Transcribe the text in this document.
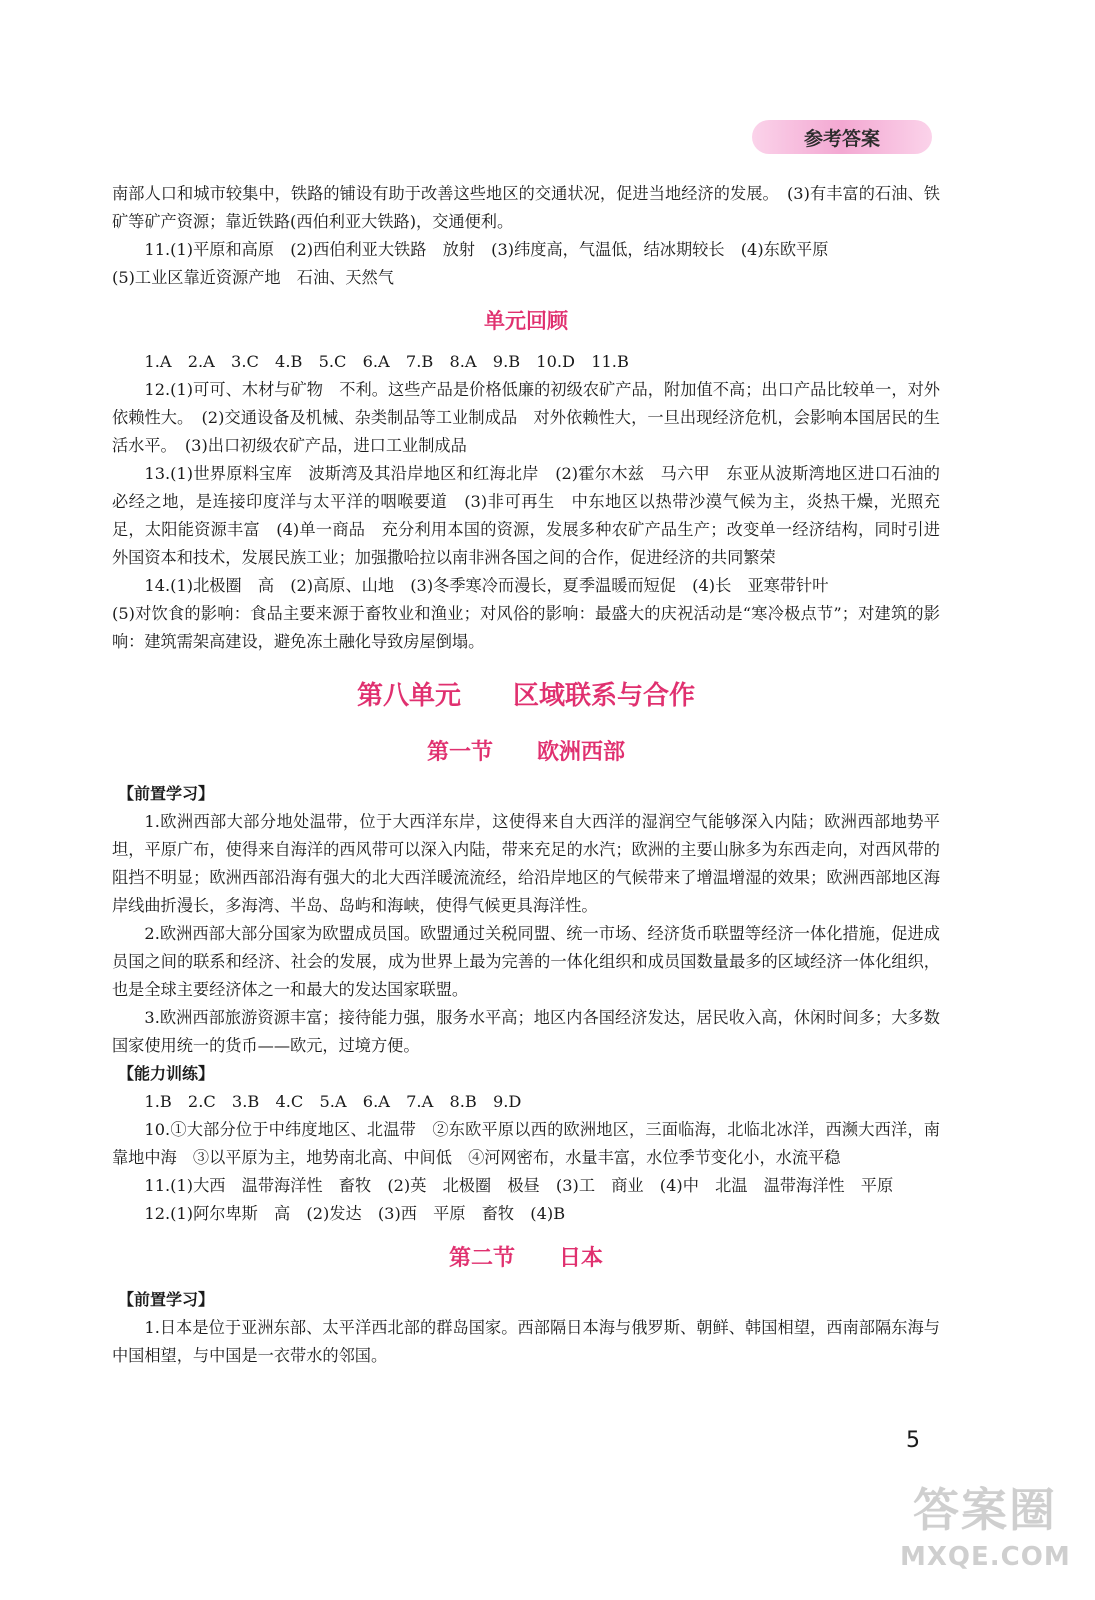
参考答案

南部人口和城市较集中，铁路的铺设有助于改善这些地区的交通状况，促进当地经济的发展。　(3)有丰富的石油、铁矿等矿产资源；靠近铁路(西伯利亚大铁路)，交通便利。

11.(1)平原和高原　(2)西伯利亚大铁路　放射　(3)纬度高，气温低，结冰期较长　(4)东欧平原

(5)工业区靠近资源产地　石油、天然气

单元回顾

1.A　2.A　3.C　4.B　5.C　6.A　7.B　8.A　9.B　10.D　11.B

12.(1)可可、木材与矿物　不利。这些产品是价格低廉的初级农矿产品，附加值不高；出口产品比较单一，对外依赖性大。　(2)交通设备及机械、杂类制品等工业制成品　对外依赖性大，一旦出现经济危机，会影响本国居民的生活水平。　(3)出口初级农矿产品，进口工业制成品

13.(1)世界原料宝库　波斯湾及其沿岸地区和红海北岸　(2)霍尔木兹　马六甲　东亚从波斯湾地区进口石油的必经之地，是连接印度洋与太平洋的咽喉要道　(3)非可再生　中东地区以热带沙漠气候为主，炎热干燥，光照充足，太阳能资源丰富　(4)单一商品　充分利用本国的资源，发展多种农矿产品生产；改变单一经济结构，同时引进外国资本和技术，发展民族工业；加强撒哈拉以南非洲各国之间的合作，促进经济的共同繁荣

14.(1)北极圈　高　(2)高原、山地　(3)冬季寒冷而漫长，夏季温暖而短促　(4)长　亚寒带针叶

(5)对饮食的影响：食品主要来源于畜牧业和渔业；对风俗的影响：最盛大的庆祝活动是“寒冷极点节”；对建筑的影响：建筑需架高建设，避免冻土融化导致房屋倒塌。

第八单元　　区域联系与合作
第一节　　欧洲西部

【前置学习】

1.欧洲西部大部分地处温带，位于大西洋东岸，这使得来自大西洋的湿润空气能够深入内陆；欧洲西部地势平坦，平原广布，使得来自海洋的西风带可以深入内陆，带来充足的水汽；欧洲的主要山脉多为东西走向，对西风带的阻挡不明显；欧洲西部沿海有强大的北大西洋暖流流经，给沿岸地区的气候带来了增温增湿的效果；欧洲西部地区海岸线曲折漫长，多海湾、半岛、岛屿和海峡，使得气候更具海洋性。

2.欧洲西部大部分国家为欧盟成员国。欧盟通过关税同盟、统一市场、经济货币联盟等经济一体化措施，促进成员国之间的联系和经济、社会的发展，成为世界上最为完善的一体化组织和成员国数量最多的区域经济一体化组织，也是全球主要经济体之一和最大的发达国家联盟。

3.欧洲西部旅游资源丰富；接待能力强，服务水平高；地区内各国经济发达，居民收入高，休闲时间多；大多数国家使用统一的货币——欧元，过境方便。

【能力训练】

1.B　2.C　3.B　4.C　5.A　6.A　7.A　8.B　9.D

10.①大部分位于中纬度地区、北温带　②东欧平原以西的欧洲地区，三面临海，北临北冰洋，西濒大西洋，南靠地中海　③以平原为主，地势南北高、中间低　④河网密布，水量丰富，水位季节变化小，水流平稳

11.(1)大西　温带海洋性　畜牧　(2)英　北极圈　极昼　(3)工　商业　(4)中　北温　温带海洋性　平原

12.(1)阿尔卑斯　高　(2)发达　(3)西　平原　畜牧　(4)B

第二节　　日本

【前置学习】

1.日本是位于亚洲东部、太平洋西北部的群岛国家。西部隔日本海与俄罗斯、朝鲜、韩国相望，西南部隔东海与中国相望，与中国是一衣带水的邻国。

5
答案圈
MXQE.COM
